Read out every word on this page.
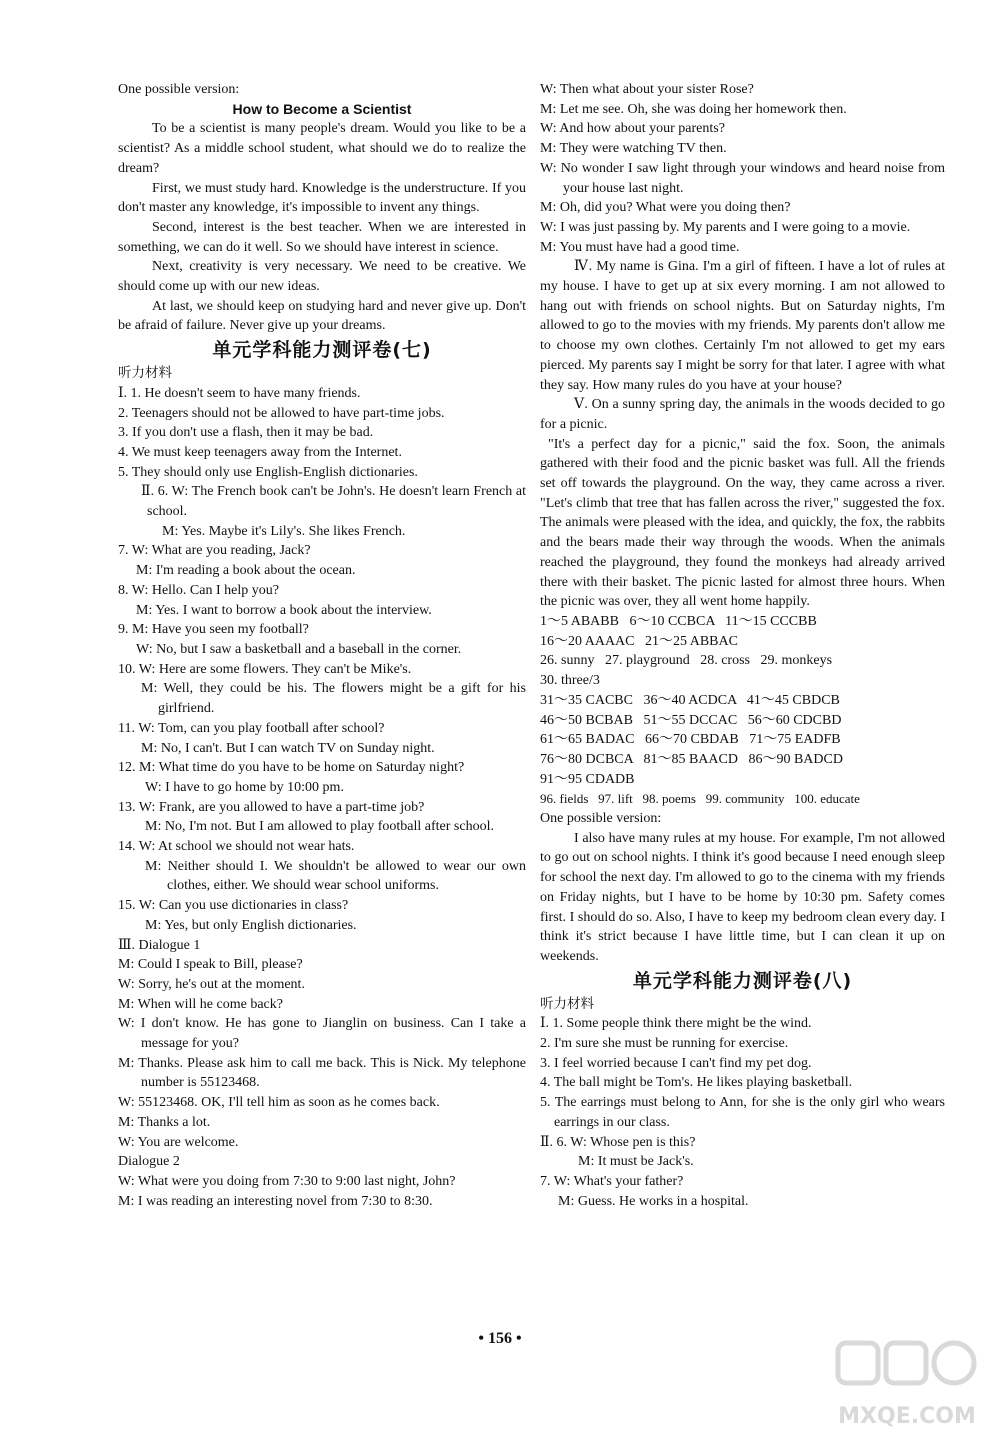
One possible version:

How to Become a Scientist

To be a scientist is many people's dream. Would you like to be a scientist? As a middle school student, what should we do to realize the dream?

First, we must study hard. Knowledge is the understructure. If you don't master any knowledge, it's impossible to invent any things.

Second, interest is the best teacher. When we are interested in something, we can do it well. So we should have interest in science.

Next, creativity is very necessary. We need to be creative. We should come up with our new ideas.

At last, we should keep on studying hard and never give up. Don't be afraid of failure. Never give up your dreams.

单元学科能力测评卷(七)

听力材料

Ⅰ. 1. He doesn't seem to have many friends.

2. Teenagers should not be allowed to have part-time jobs.

3. If you don't use a flash, then it may be bad.

4. We must keep teenagers away from the Internet.

5. They should only use English-English dictionaries.

Ⅱ. 6. W: The French book can't be John's. He doesn't learn French at school.

M: Yes. Maybe it's Lily's. She likes French.

7. W: What are you reading, Jack?

M: I'm reading a book about the ocean.

8. W: Hello. Can I help you?

M: Yes. I want to borrow a book about the interview.

9. M: Have you seen my football?

W: No, but I saw a basketball and a baseball in the corner.

10. W: Here are some flowers. They can't be Mike's.

M: Well, they could be his. The flowers might be a gift for his girlfriend.

11. W: Tom, can you play football after school?

M: No, I can't. But I can watch TV on Sunday night.

12. M: What time do you have to be home on Saturday night?

W: I have to go home by 10:00 pm.

13. W: Frank, are you allowed to have a part-time job?

M: No, I'm not. But I am allowed to play football after school.

14. W: At school we should not wear hats.

M: Neither should I. We shouldn't be allowed to wear our own clothes, either. We should wear school uniforms.

15. W: Can you use dictionaries in class?

M: Yes, but only English dictionaries.

Ⅲ. Dialogue 1

M: Could I speak to Bill, please?

W: Sorry, he's out at the moment.

M: When will he come back?

W: I don't know. He has gone to Jianglin on business. Can I take a message for you?

M: Thanks. Please ask him to call me back. This is Nick. My telephone number is 55123468.

W: 55123468. OK, I'll tell him as soon as he comes back.

M: Thanks a lot.

W: You are welcome.

Dialogue 2

W: What were you doing from 7:30 to 9:00 last night, John?

M: I was reading an interesting novel from 7:30 to 8:30.

W: Then what about your sister Rose?

M: Let me see. Oh, she was doing her homework then.

W: And how about your parents?

M: They were watching TV then.

W: No wonder I saw light through your windows and heard noise from your house last night.

M: Oh, did you? What were you doing then?

W: I was just passing by. My parents and I were going to a movie.

M: You must have had a good time.

Ⅳ. My name is Gina. I'm a girl of fifteen. I have a lot of rules at my house. I have to get up at six every morning. I am not allowed to hang out with friends on school nights. But on Saturday nights, I'm allowed to go to the movies with my friends. My parents don't allow me to choose my own clothes. Certainly I'm not allowed to get my ears pierced. My parents say I might be sorry for that later. I agree with what they say. How many rules do you have at your house?

Ⅴ. On a sunny spring day, the animals in the woods decided to go for a picnic.

"It's a perfect day for a picnic," said the fox. Soon, the animals gathered with their food and the picnic basket was full. All the friends set off towards the playground. On the way, they came across a river. "Let's climb that tree that has fallen across the river," suggested the fox. The animals were pleased with the idea, and quickly, the fox, the rabbits and the bears made their way through the woods. When the animals reached the playground, they found the monkeys had already arrived there with their basket. The picnic lasted for almost three hours. When the picnic was over, they all went home happily.

1～5 ABABB   6～10 CCBCA   11～15 CCCBB

16～20 AAAAC   21～25 ABBAC

26. sunny   27. playground   28. cross   29. monkeys

30. three/3

31～35 CACBC   36～40 ACDCA   41～45 CBDCB

46～50 BCBAB   51～55 DCCAC   56～60 CDCBD

61～65 BADAC   66～70 CBDAB   71～75 EADFB

76～80 DCBCA   81～85 BAACD   86～90 BADCD

91～95 CDADB

96. fields   97. lift   98. poems   99. community   100. educate

One possible version:

I also have many rules at my house. For example, I'm not allowed to go out on school nights. I think it's good because I need enough sleep for school the next day. I'm allowed to go to the cinema with my friends on Friday nights, but I have to be home by 10:30 pm. Safety comes first. I should do so. Also, I have to keep my bedroom clean every day. I think it's strict because I have little time, but I can clean it up on weekends.

单元学科能力测评卷(八)

听力材料

Ⅰ. 1. Some people think there might be the wind.

2. I'm sure she must be running for exercise.

3. I feel worried because I can't find my pet dog.

4. The ball might be Tom's. He likes playing basketball.

5. The earrings must belong to Ann, for she is the only girl who wears earrings in our class.

Ⅱ. 6. W: Whose pen is this?

M: It must be Jack's.

7. W: What's your father?

M: Guess. He works in a hospital.

• 156 •
MXQE.COM
